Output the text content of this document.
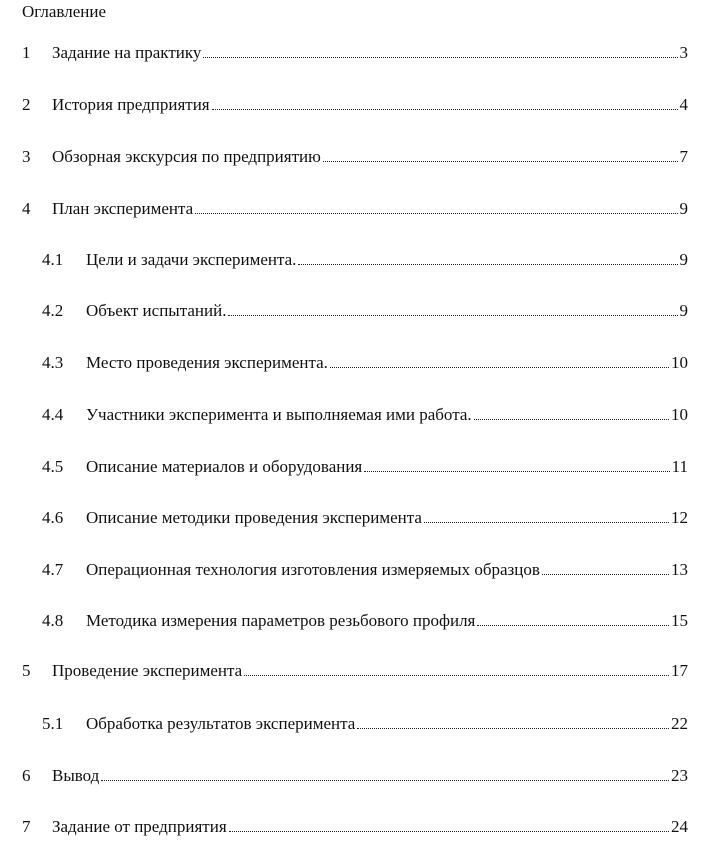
Оглавление
1	Задание на практику	3
2	История предприятия	4
3	Обзорная экскурсия по предприятию	7
4	План эксперимента	9
4.1	Цели и задачи эксперимента.	9
4.2	Объект испытаний.	9
4.3	Место проведения эксперимента.	10
4.4	Участники эксперимента и выполняемая ими работа.	10
4.5	Описание материалов и оборудования	11
4.6	Описание методики проведения эксперимента	12
4.7	Операционная технология изготовления измеряемых образцов	13
4.8	Методика измерения параметров резьбового профиля	15
5	Проведение эксперимента	17
5.1	Обработка результатов эксперимента	22
6	Вывод	23
7	Задание от предприятия	24
